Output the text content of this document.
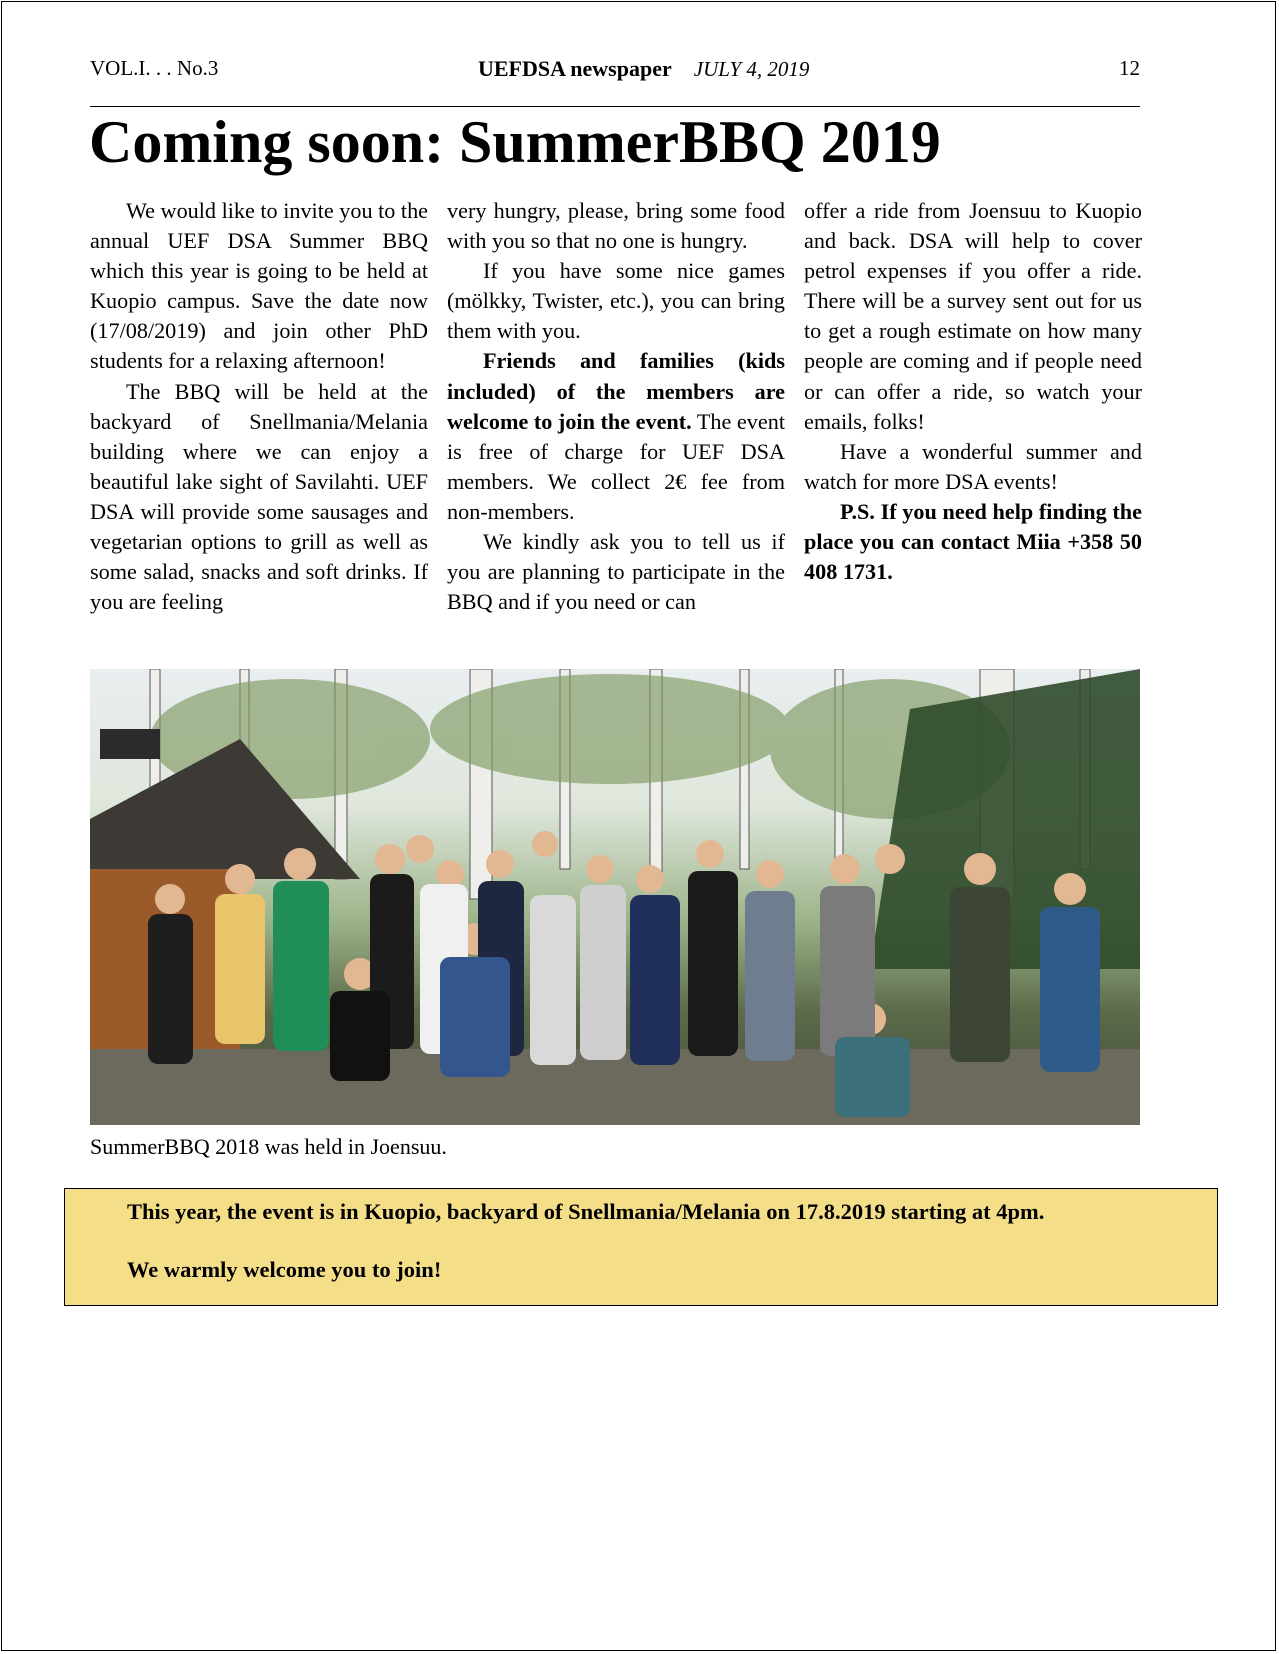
VOL.I. . . No.3	UEFDSA newspaper JULY 4, 2019	12
Coming soon: SummerBBQ 2019

We would like to invite you to the annual UEF DSA Summer BBQ which this year is going to be held at Kuopio campus. Save the date now (17/08/2019) and join other PhD students for a relaxing afternoon!

The BBQ will be held at the backyard of Snellmania/Melania building where we can enjoy a beautiful lake sight of Savilahti. UEF DSA will provide some sausages and vegetarian options to grill as well as some salad, snacks and soft drinks. If you are feeling

very hungry, please, bring some food with you so that no one is hungry.

If you have some nice games (mölkky, Twister, etc.), you can bring them with you.

Friends and families (kids included) of the members are welcome to join the event. The event is free of charge for UEF DSA members. We collect 2€ fee from non-members.

We kindly ask you to tell us if you are planning to participate in the BBQ and if you need or can

offer a ride from Joensuu to Kuopio and back. DSA will help to cover petrol expenses if you offer a ride. There will be a survey sent out for us to get a rough estimate on how many people are coming and if people need or can offer a ride, so watch your emails, folks!

Have a wonderful summer and watch for more DSA events!

P.S. If you need help finding the place you can contact Miia +358 50 408 1731.

SummerBBQ 2018 was held in Joensuu.

This year, the event is in Kuopio, backyard of Snellmania/Melania on 17.8.2019 starting at 4pm.

We warmly welcome you to join!
